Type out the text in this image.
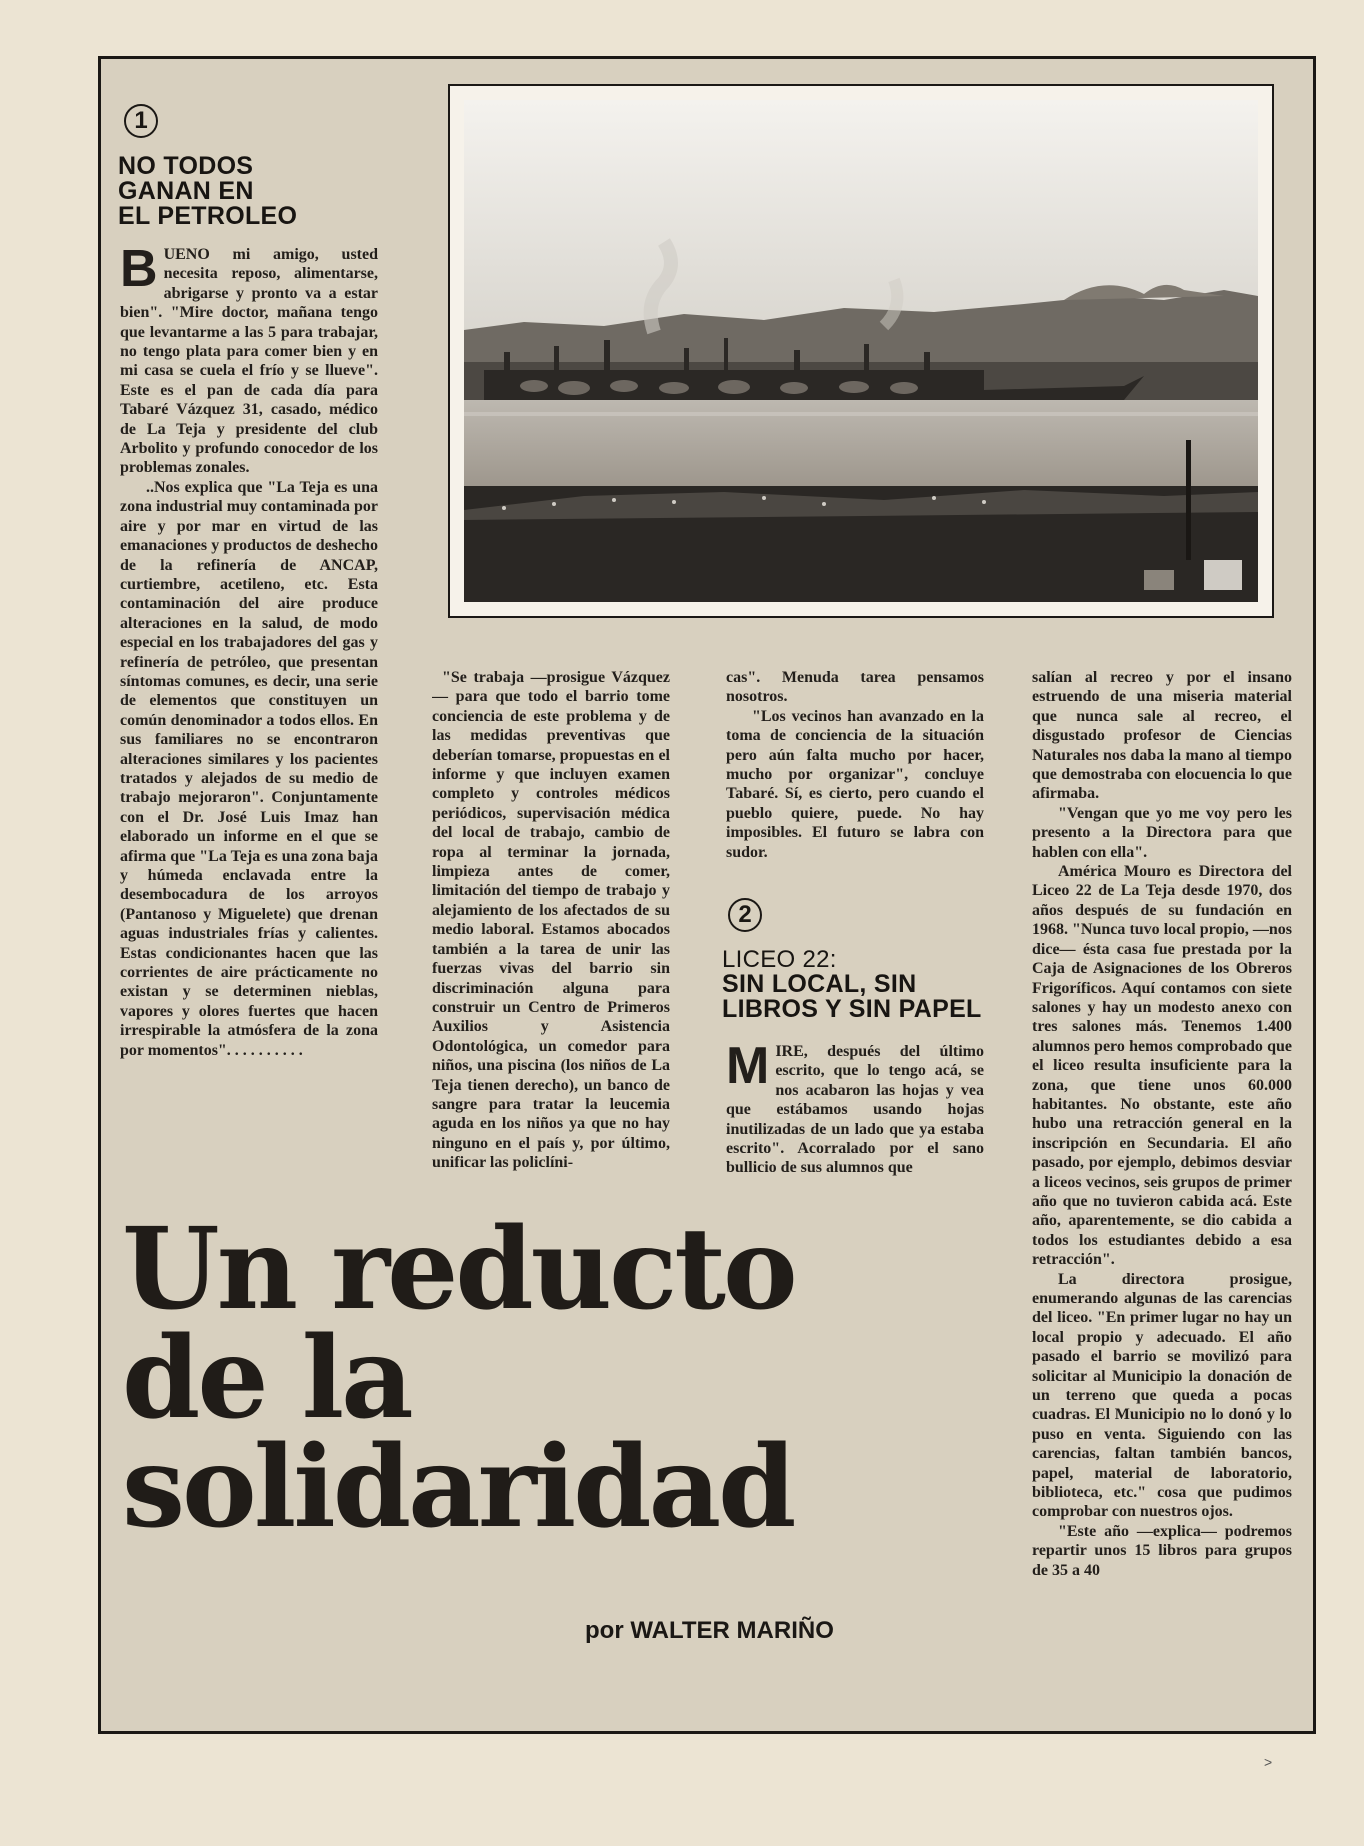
1
NO TODOS
GANAN EN
EL PETROLEO
B UENO mi amigo, usted necesita reposo, alimentarse, abrigarse y pronto va a estar bien". "Mire doctor, mañana tengo que levantarme a las 5 para trabajar, no tengo plata para comer bien y en mi casa se cuela el frío y se llueve". Este es el pan de cada día para Tabaré Vázquez 31, casado, médico de La Teja y presidente del club Arbolito y profundo conocedor de los problemas zonales.

..Nos explica que "La Teja es una zona industrial muy contaminada por aire y por mar en virtud de las emanaciones y productos de deshecho de la refinería de ANCAP, curtiembre, acetileno, etc. Esta contaminación del aire produce alteraciones en la salud, de modo especial en los trabajadores del gas y refinería de petróleo, que presentan síntomas comunes, es decir, una serie de elementos que constituyen un común denominador a todos ellos. En sus familiares no se encontraron alteraciones similares y los pacientes tratados y alejados de su medio de trabajo mejoraron". Conjuntamente con el Dr. José Luis Imaz han elaborado un informe en el que se afirma que "La Teja es una zona baja y húmeda enclavada entre la desembocadura de los arroyos (Pantanoso y Miguelete) que drenan aguas industriales frías y calientes. Estas condicionantes hacen que las corrientes de aire prácticamente no existan y se determinen nieblas, vapores y olores fuertes que hacen irrespirable la atmósfera de la zona por momentos". . . . . . . . . .

"Se trabaja —prosigue Vázquez— para que todo el barrio tome conciencia de este problema y de las medidas preventivas que deberían tomarse, propuestas en el informe y que incluyen examen completo y controles médicos periódicos, supervisación médica del local de trabajo, cambio de ropa al terminar la jornada, limpieza antes de comer, limitación del tiempo de trabajo y alejamiento de los afectados de su medio laboral. Estamos abocados también a la tarea de unir las fuerzas vivas del barrio sin discriminación alguna para construir un Centro de Primeros Auxilios y Asistencia Odontológica, un comedor para niños, una piscina (los niños de La Teja tienen derecho), un banco de sangre para tratar la leucemia aguda en los niños ya que no hay ninguno en el país y, por último, unificar las policlíni-

cas". Menuda tarea pensamos nosotros.

"Los vecinos han avanzado en la toma de conciencia de la situación pero aún falta mucho por hacer, mucho por organizar", concluye Tabaré. Sí, es cierto, pero cuando el pueblo quiere, puede. No hay imposibles. El futuro se labra con sudor.

2
LICEO 22:
SIN LOCAL, SIN
LIBROS Y SIN PAPEL
M IRE, después del último escrito, que lo tengo acá, se nos acabaron las hojas y vea que estábamos usando hojas inutilizadas de un lado que ya estaba escrito". Acorralado por el sano bullicio de sus alumnos que

salían al recreo y por el insano estruendo de una miseria material que nunca sale al recreo, el disgustado profesor de Ciencias Naturales nos daba la mano al tiempo que demostraba con elocuencia lo que afirmaba.

"Vengan que yo me voy pero les presento a la Directora para que hablen con ella".

América Mouro es Directora del Liceo 22 de La Teja desde 1970, dos años después de su fundación en 1968. "Nunca tuvo local propio, —nos dice— ésta casa fue prestada por la Caja de Asignaciones de los Obreros Frigoríficos. Aquí contamos con siete salones y hay un modesto anexo con tres salones más. Tenemos 1.400 alumnos pero hemos comprobado que el liceo resulta insuficiente para la zona, que tiene unos 60.000 habitantes. No obstante, este año hubo una retracción general en la inscripción en Secundaria. El año pasado, por ejemplo, debimos desviar a liceos vecinos, seis grupos de primer año que no tuvieron cabida acá. Este año, aparentemente, se dio cabida a todos los estudiantes debido a esa retracción".

La directora prosigue, enumerando algunas de las carencias del liceo. "En primer lugar no hay un local propio y adecuado. El año pasado el barrio se movilizó para solicitar al Municipio la donación de un terreno que queda a pocas cuadras. El Municipio no lo donó y lo puso en venta. Siguiendo con las carencias, faltan también bancos, papel, material de laboratorio, biblioteca, etc." cosa que pudimos comprobar con nuestros ojos.

"Este año —explica— podremos repartir unos 15 libros para grupos de 35 a 40

Un reducto
de la
solidaridad
por WALTER MARIÑO
>
